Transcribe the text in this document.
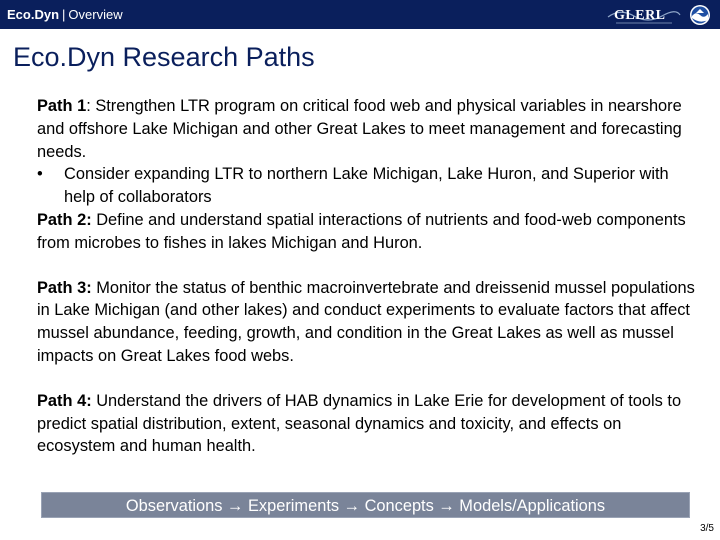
Eco.Dyn | Overview	GLERL
Eco.Dyn Research Paths

Path 1: Strengthen LTR program on critical food web and physical variables in nearshore and offshore Lake Michigan and other Great Lakes to meet management and forecasting needs.

• Consider expanding LTR to northern Lake Michigan, Lake Huron, and Superior with help of collaborators

Path 2: Define and understand spatial interactions of nutrients and food-web components from microbes to fishes in lakes Michigan and Huron.

Path 3: Monitor the status of benthic macroinvertebrate and dreissenid mussel populations in Lake Michigan (and other lakes) and conduct experiments to evaluate factors that affect mussel abundance, feeding, growth, and condition in the Great Lakes as well as mussel impacts on Great Lakes food webs.

Path 4: Understand the drivers of HAB dynamics in Lake Erie for development of tools to predict spatial distribution, extent, seasonal dynamics and toxicity, and effects on ecosystem and human health.

Observations → Experiments → Concepts → Models/Applications
3/5
